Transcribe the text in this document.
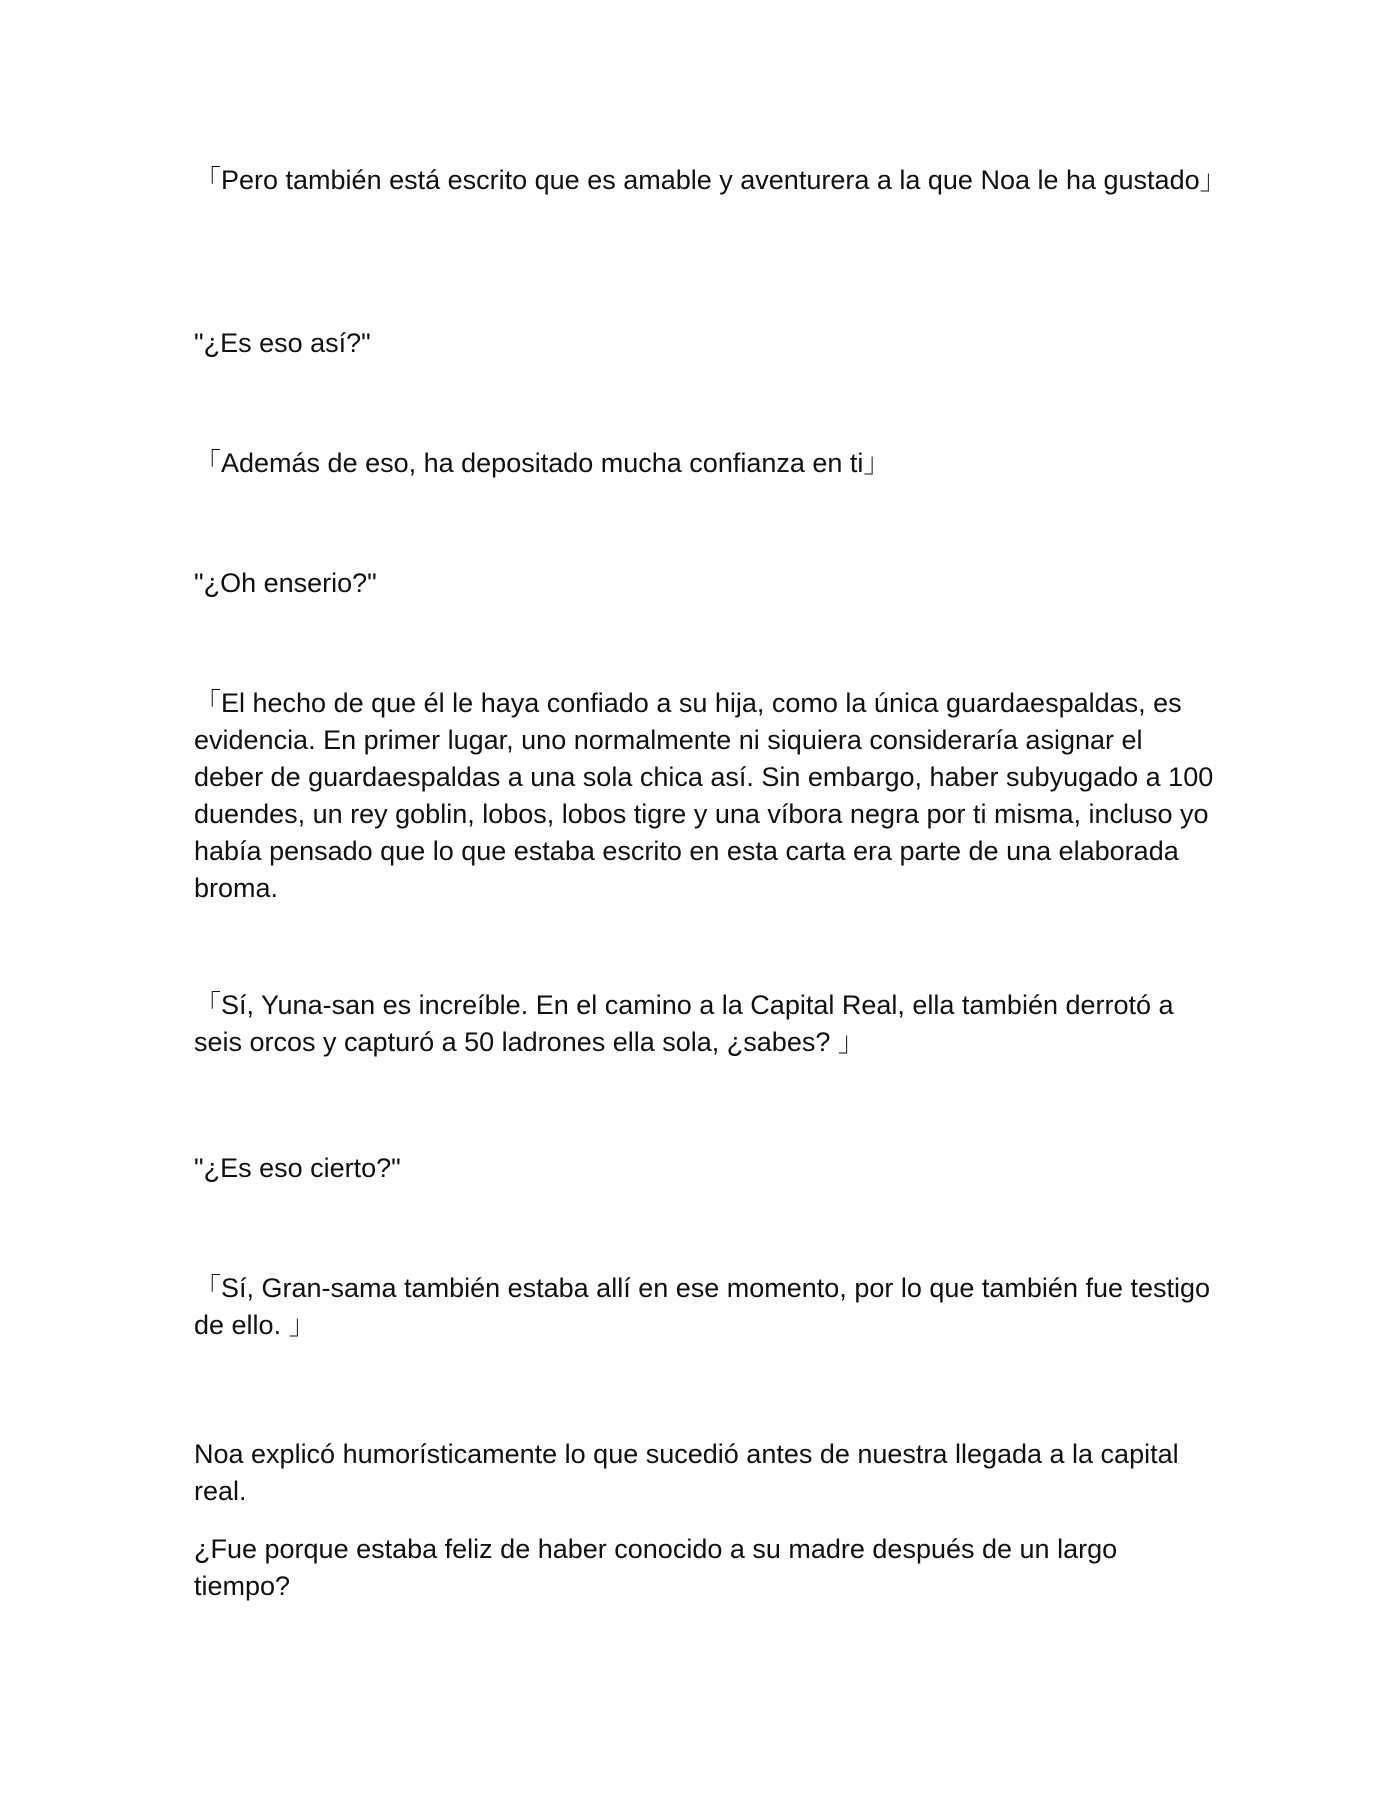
「Pero también está escrito que es amable y aventurera a la que Noa le ha gustado」

"¿Es eso así?"

「Además de eso, ha depositado mucha confianza en ti」

"¿Oh enserio?"

「El hecho de que él le haya confiado a su hija, como la única guardaespaldas, es evidencia. En primer lugar, uno normalmente ni siquiera consideraría asignar el deber de guardaespaldas a una sola chica así. Sin embargo, haber subyugado a 100 duendes, un rey goblin, lobos, lobos tigre y una víbora negra por ti misma, incluso yo había pensado que lo que estaba escrito en esta carta era parte de una elaborada broma.

「Sí, Yuna-san es increíble. En el camino a la Capital Real, ella también derrotó a seis orcos y capturó a 50 ladrones ella sola, ¿sabes? 」

"¿Es eso cierto?"

「Sí, Gran-sama también estaba allí en ese momento, por lo que también fue testigo de ello. 」

Noa explicó humorísticamente lo que sucedió antes de nuestra llegada a la capital real.

¿Fue porque estaba feliz de haber conocido a su madre después de un largo tiempo?
